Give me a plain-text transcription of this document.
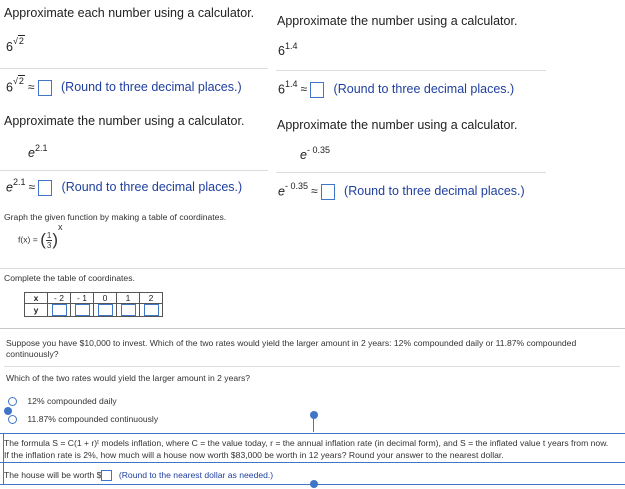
Approximate each number using a calculator.
6√2
6√2 ≈ (Round to three decimal places.)
Approximate the number using a calculator.
$6^{1.4}$
$6^{1.4}$ ≈ (Round to three decimal places.)
Approximate the number using a calculator.
$e^{2.1}$
$e^{2.1}$ ≈ (Round to three decimal places.)
Approximate the number using a calculator.
$e^{- 0.35}$
$e^{- 0.35}$ ≈ (Round to three decimal places.)
Graph the given function by making a table of coordinates.
f(x) = ( $\frac{1}{3} )x$
Complete the table of coordinates.
x	- 2	- 1	0	1	2
y					
Suppose you have $10,000 to invest. Which of the two rates would yield the larger amount in 2 years: 12% compounded daily or 11.87% compounded continuously?
Which of the two rates would yield the larger amount in 2 years?
12% compounded daily
11.87% compounded continuously
The formula S = C(1 + r)ᵗ models inflation, where C = the value today, r = the annual inflation rate (in decimal form), and S = the inflated value t years from now.
If the inflation rate is 2%, how much will a house now worth $83,000 be worth in 12 years? Round your answer to the nearest dollar.
The house will be worth $ (Round to the nearest dollar as needed.)
